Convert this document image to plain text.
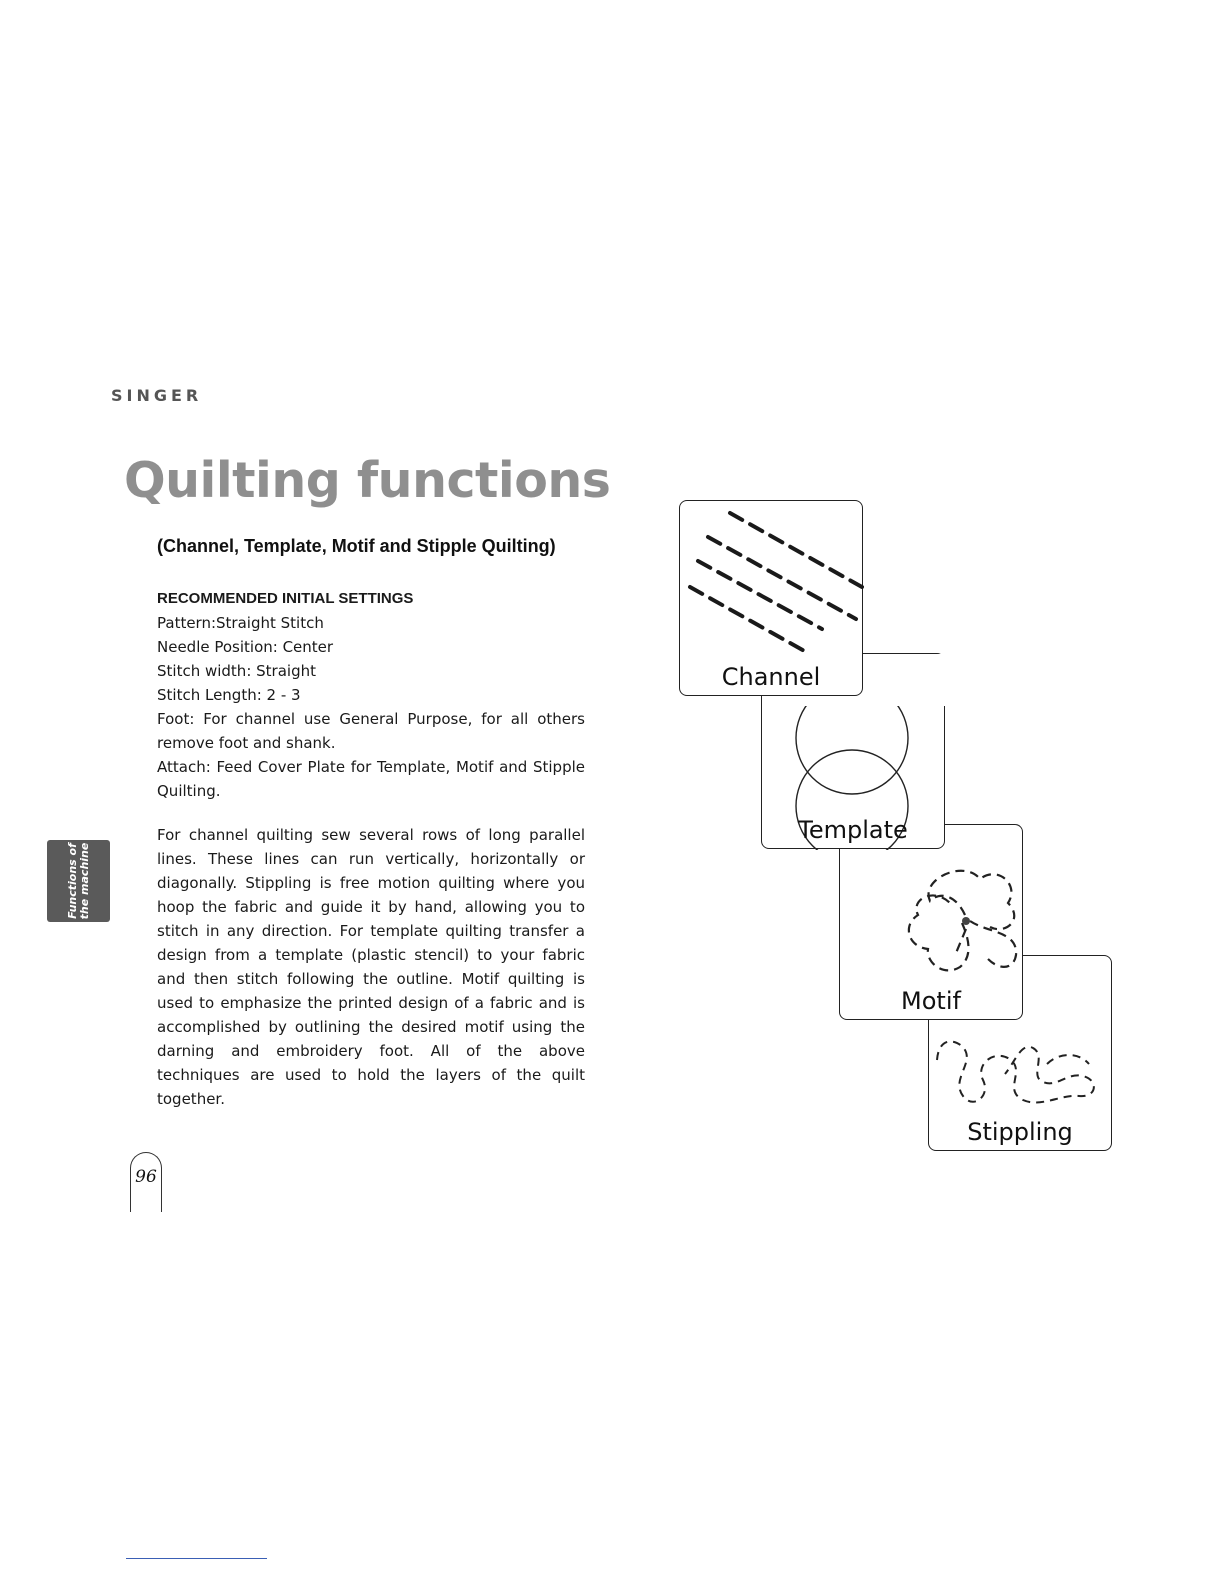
SINGER
Quilting functions
(Channel, Template, Motif and Stipple Quilting)
RECOMMENDED INITIAL SETTINGS
Pattern:Straight Stitch
Needle Position: Center
Stitch width: Straight
Stitch Length: 2 - 3
Foot: For channel use General Purpose, for all others remove foot and shank.
Attach: Feed Cover Plate for Template, Motif and Stipple Quilting.

For channel quilting sew several rows of long parallel lines. These lines can run vertically, horizontally or diagonally. Stippling is free motion quilting where you hoop the fabric and guide it by hand, allowing you to stitch in any direction. For template quilting transfer a design from a template (plastic stencil) to your fabric and then stitch following the outline. Motif quilting is used to emphasize the printed design of a fabric and is accomplished by outlining the desired motif using the darning and embroidery foot. All of the above techniques are used to hold the layers of the quilt together.

Functions of the machine
96
Stippling
Motif
Template
Channel
